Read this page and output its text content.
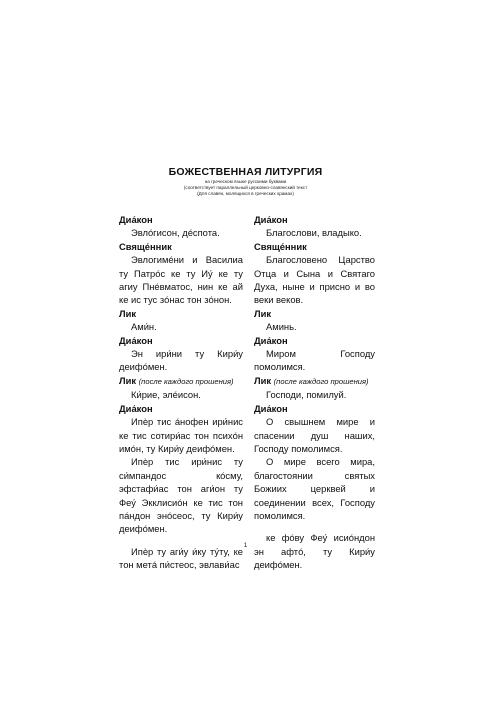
БОЖЕСТВЕННАЯ ЛИТУРГИЯ
на греческом языке русскими буквами
(соответствует параллельный церковно-славянский текст
(Для славян, молящихся в греческих храмах)

Диа́кон

Эвлóгисон, дéспота.

Свяще́нник

Эвлогимéни и Василиа ту Патрóс ке ту Иу́ ке ту агиу Пнéвматос, нин ке ай ке ис тус зóнас тон зóнон.

Лик

Ами́н.

Диа́кон

Эн ири́ни ту Кири́у деифóмен.

Лик (после каждого прошения)

Ки́рие, элéисон.

Диа́кон

Ипèр тис áнофен ири́нис ке тис сотири́ас тон психóн имóн, ту Кири́у деифóмен.

Ипèр тис ири́нис ту си́мпандос кóсму, эфстафи́ас тон аги́он ту Феу́ Экклисиóн ке тис тон пáндон энóсеос, ту Кири́у деифóмен.

Ипèр ту аги́у и́ку ту́ту, ке тон метá пи́стеос, эвлави́ас

Диа́кон

Благослови, владыко.

Свяще́нник

Благословено Царство Отца и Сына и Святаго Духа, ныне и присно и во веки веков.

Лик

Аминь.

Диа́кон

Миром Господу помолимся.

Лик (после каждого прошения)

Господи, помилуй.

Диа́кон

О свышнем мире и спасении душ наших, Господу помолимся.

О мире всего мира, благостоянии святых Божиих церквей и соединении всех, Господу помолимся.

ке фóву Феу́ исиóндон эн aфтó, ту Кири́у деифóмен.

1
